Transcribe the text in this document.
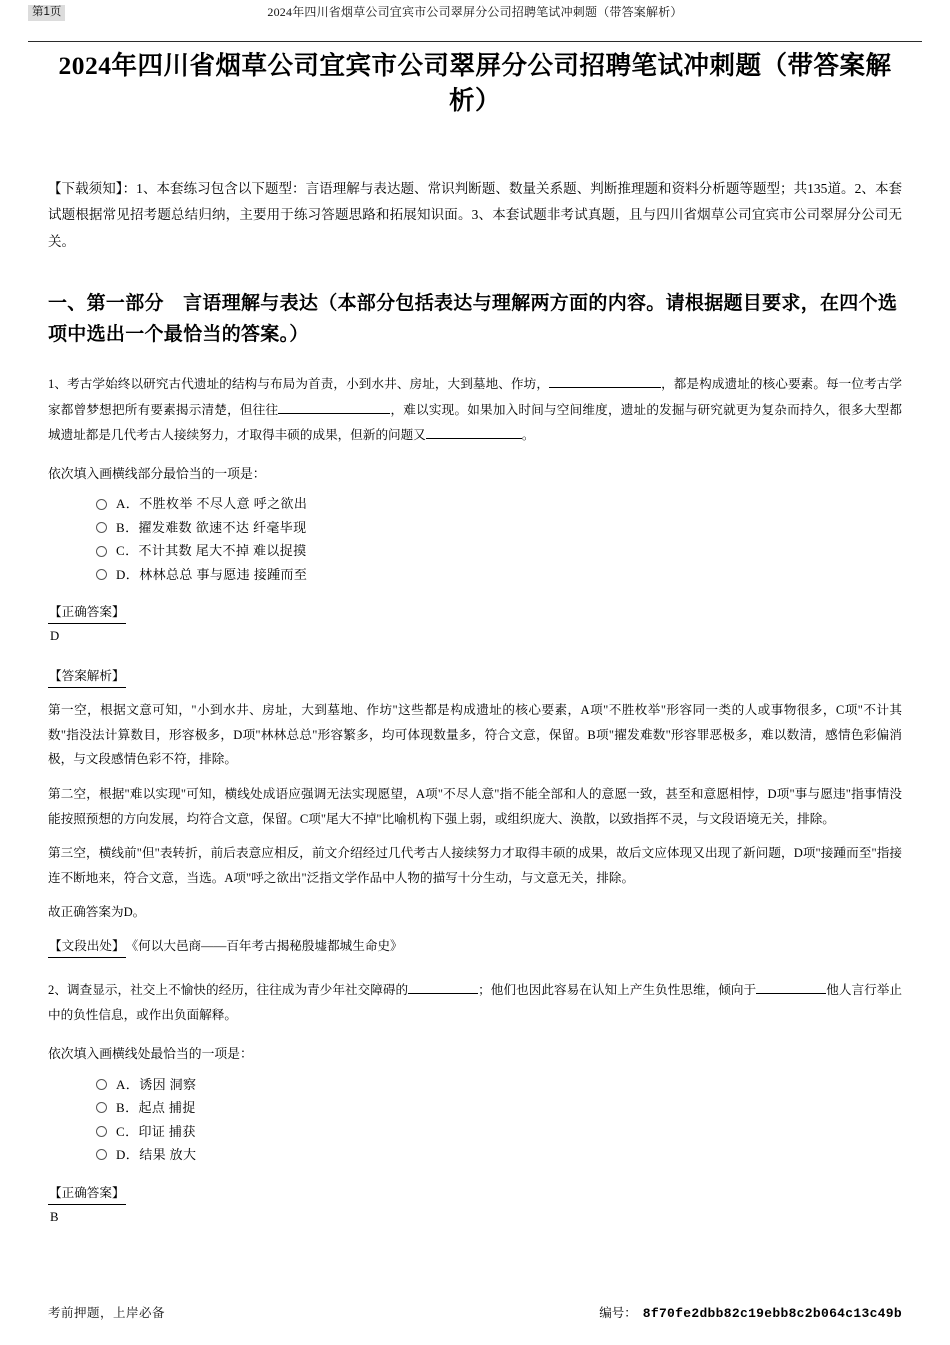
第1页	2024年四川省烟草公司宜宾市公司翠屏分公司招聘笔试冲刺题（带答案解析）
2024年四川省烟草公司宜宾市公司翠屏分公司招聘笔试冲刺题（带答案解析）
【下载须知】：1、本套练习包含以下题型：言语理解与表达题、常识判断题、数量关系题、判断推理题和资料分析题等题型；共135道。2、本套试题根据常见招考题总结归纳，主要用于练习答题思路和拓展知识面。3、本套试题非考试真题，且与四川省烟草公司宜宾市公司翠屏分公司无关。
一、第一部分　言语理解与表达（本部分包括表达与理解两方面的内容。请根据题目要求，在四个选项中选出一个最恰当的答案。）
1、考古学始终以研究古代遗址的结构与布局为首责，小到水井、房址，大到墓地、作坊，	，都是构成遗址的核心要素。每一位考古学家都曾梦想把所有要素揭示清楚，但往往	，难以实现。如果加入时间与空间维度，遗址的发掘与研究就更为复杂而持久，很多大型都城遗址都是几代考古人接续努力，才取得丰硕的成果，但新的问题又	。
依次填入画横线部分最恰当的一项是：
A． 不胜枚举 不尽人意 呼之欲出
B． 擢发难数 欲速不达 纤毫毕现
C． 不计其数 尾大不掉 难以捉摸
D． 林林总总 事与愿违 接踵而至
【正确答案】
D
【答案解析】
第一空，根据文意可知，"小到水井、房址，大到墓地、作坊"这些都是构成遗址的核心要素，A项"不胜枚举"形容同一类的人或事物很多，C项"不计其数"指没法计算数目，形容极多，D项"林林总总"形容繁多，均可体现数量多，符合文意，保留。B项"擢发难数"形容罪恶极多，难以数清，感情色彩偏消极，与文段感情色彩不符，排除。
第二空，根据"难以实现"可知，横线处成语应强调无法实现愿望，A项"不尽人意"指不能全部和人的意愿一致，甚至和意愿相悖，D项"事与愿违"指事情没能按照预想的方向发展，均符合文意，保留。C项"尾大不掉"比喻机构下强上弱，或组织庞大、涣散，以致指挥不灵，与文段语境无关，排除。
第三空，横线前"但"表转折，前后表意应相反，前文介绍经过几代考古人接续努力才取得丰硕的成果，故后文应体现又出现了新问题，D项"接踵而至"指接连不断地来，符合文意，当选。A项"呼之欲出"泛指文学作品中人物的描写十分生动，与文意无关，排除。
故正确答案为D。
【文段出处】《何以大邑商——百年考古揭秘殷墟都城生命史》
2、调查显示，社交上不愉快的经历，往往成为青少年社交障碍的	；他们也因此容易在认知上产生负性思维，倾向于	他人言行举止中的负性信息，或作出负面解释。
依次填入画横线处最恰当的一项是：
A． 诱因 洞察
B． 起点 捕捉
C． 印证 捕获
D． 结果 放大
【正确答案】
B
考前押题，上岸必备	编号： 8f70fe2dbb82c19ebb8c2b064c13c49b
